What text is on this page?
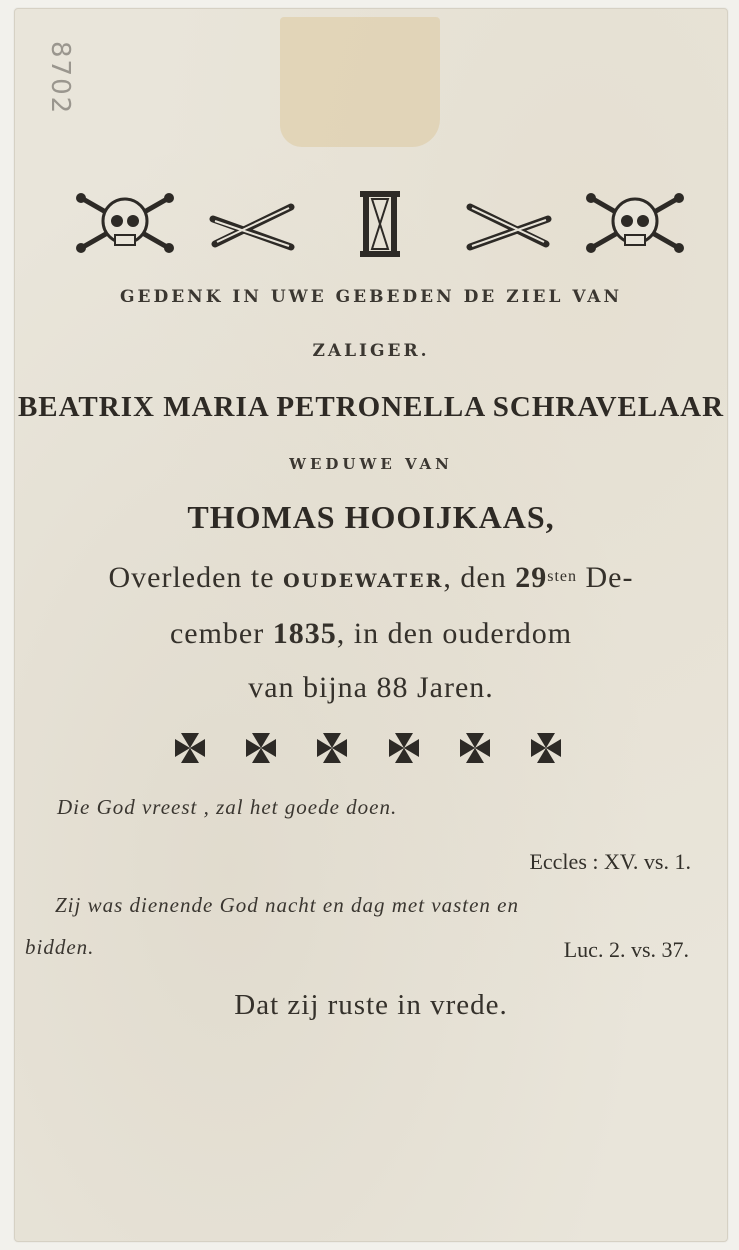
8702
GEDENK IN UWE GEBEDEN DE ZIEL VAN
ZALIGER.
BEATRIX MARIA PETRONELLA SCHRAVELAAR
WEDUWE VAN
THOMAS HOOIJKAAS,
Overleden te OUDEWATER, den $29^{sten}$ De-
cember 1835, in den ouderdom
van bijna 88 Jaren.
Die God vreest , zal het goede doen.
Eccles : XV. vs. 1.
Zij was dienende God nacht en dag met vasten en
bidden.	Luc. 2. vs. 37.
Dat zij ruste in vrede.
